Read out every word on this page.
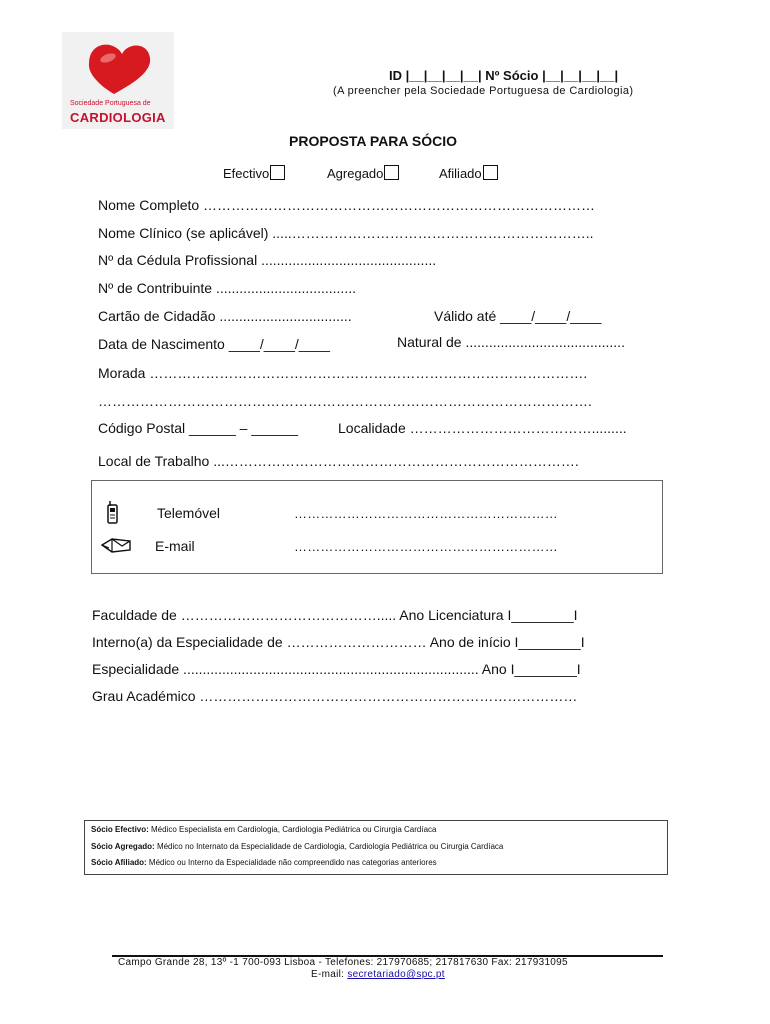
Sociedade Portuguesa de
CARDIOLOGIA
ID |__|__|__|__| Nº Sócio |__|__|__|__|
(A preencher pela Sociedade Portuguesa de Cardiologia)
PROPOSTA PARA SÓCIO
Efectivo	Agregado	Afiliado
Nome Completo …………………………………………………………………………
Nome Clínico (se aplicável) .....………………………………………………………..
Nº da Cédula Profissional .............................................
Nº de Contribuinte ....................................
Cartão de Cidadão ..................................	Válido até ____/____/____
Data de Nascimento ____/____/____	Natural de .........................................
Morada ………………………………………………………………………………….
…………………………………………………………………………………………….
Código Postal ______ – ______	Localidade ………………………………….........
Local de Trabalho ...………………………………………………………………….
Telemóvel	……………………………………………………
E-mail	……………………………………………………
Faculdade de ……………………………………..... Ano Licenciatura I________I
Interno(a) da Especialidade de ………………………… Ano de início I________I
Especialidade ............................................................................ Ano I________I
Grau Académico ………………………………………………………………………
Sócio Efectivo: Médico Especialista em Cardiologia, Cardiologia Pediátrica ou Cirurgia Cardíaca
Sócio Agregado: Médico no Internato da Especialidade de Cardiologia, Cardiologia Pediátrica ou Cirurgia Cardíaca
Sócio Afiliado: Médico ou Interno da Especialidade não compreendido nas categorias anteriores
Campo Grande 28, 13º -1 700-093 Lisboa - Telefones: 217970685; 217817630 Fax: 217931095
E-mail: secretariado@spc.pt
